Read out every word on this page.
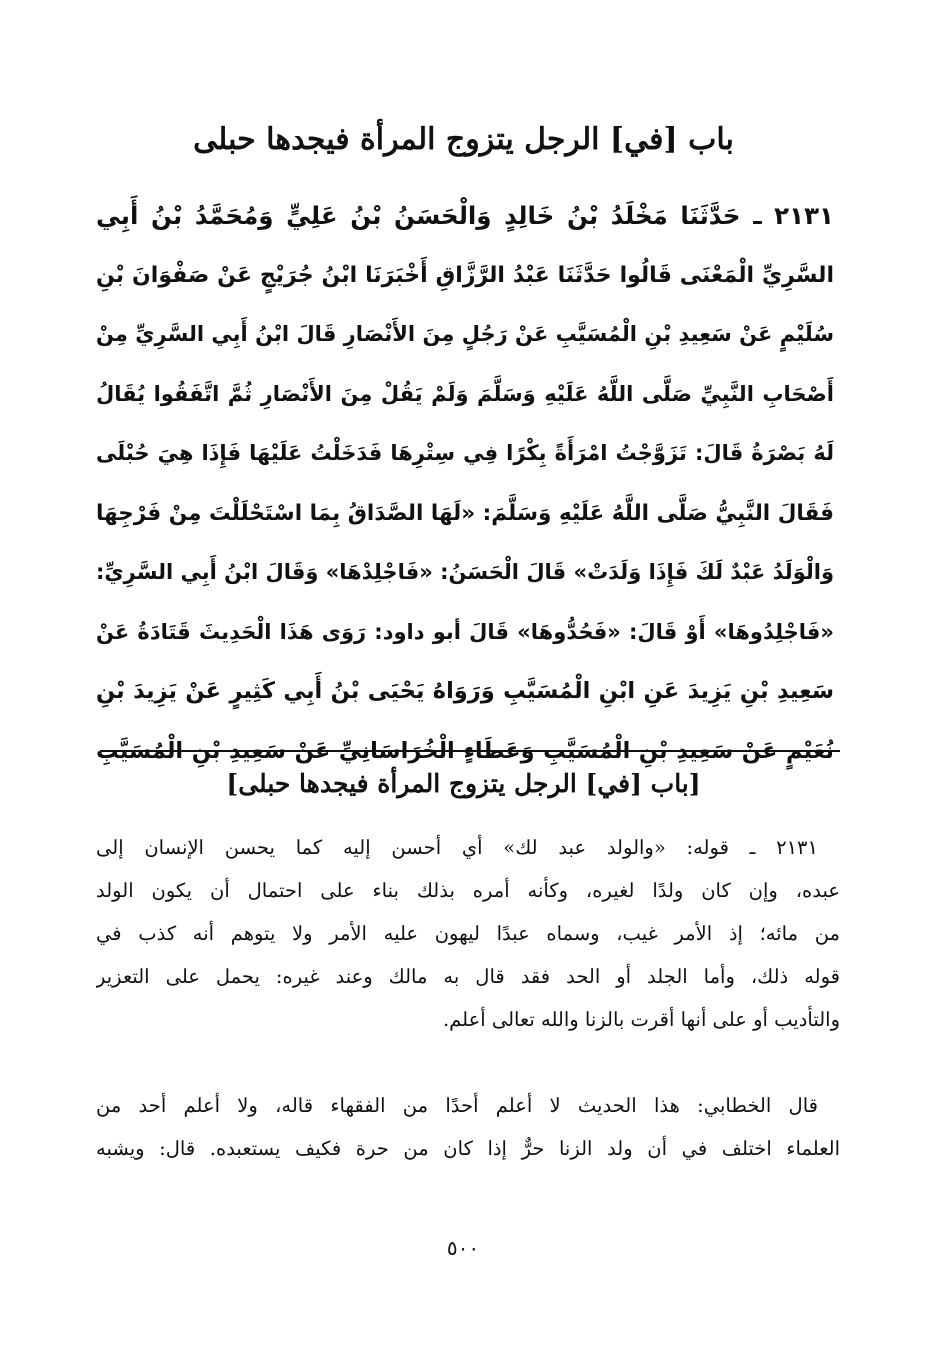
باب [في] الرجل يتزوج المرأة فيجدها حبلى
٢١٣١ ـ حَدَّثَنَا مَخْلَدُ بْنُ خَالِدٍ وَالْحَسَنُ بْنُ عَلِيٍّ وَمُحَمَّدُ بْنُ أَبِي
السَّرِيِّ الْمَعْنَى قَالُوا حَدَّثَنَا عَبْدُ الرَّزَّاقِ أَخْبَرَنَا ابْنُ جُرَيْجٍ عَنْ صَفْوَانَ بْنِ
سُلَيْمٍ عَنْ سَعِيدِ بْنِ الْمُسَيَّبِ عَنْ رَجُلٍ مِنَ الأَنْصَارِ قَالَ ابْنُ أَبِي السَّرِيِّ مِنْ
أَصْحَابِ النَّبِيِّ صَلَّى اللَّهُ عَلَيْهِ وَسَلَّمَ وَلَمْ يَقُلْ مِنَ الأَنْصَارِ ثُمَّ اتَّفَقُوا يُقَالُ
لَهُ بَصْرَةُ قَالَ: تَزَوَّجْتُ امْرَأَةً بِكْرًا فِي سِتْرِهَا فَدَخَلْتُ عَلَيْهَا فَإِذَا هِيَ حُبْلَى
فَقَالَ النَّبِيُّ صَلَّى اللَّهُ عَلَيْهِ وَسَلَّمَ: «لَهَا الصَّدَاقُ بِمَا اسْتَحْلَلْتَ مِنْ فَرْجِهَا
وَالْوَلَدُ عَبْدٌ لَكَ فَإِذَا وَلَدَتْ» قَالَ الْحَسَنُ: «فَاجْلِدْهَا» وَقَالَ ابْنُ أَبِي السَّرِيِّ:
«فَاجْلِدُوهَا» أَوْ قَالَ: «فَحُدُّوهَا» قَالَ أبو داود: رَوَى هَذَا الْحَدِيثَ قَتَادَةُ عَنْ
سَعِيدِ بْنِ يَزِيدَ عَنِ ابْنِ الْمُسَيَّبِ وَرَوَاهُ يَحْيَى بْنُ أَبِي كَثِيرٍ عَنْ يَزِيدَ بْنِ
نُعَيْمٍ عَنْ سَعِيدِ بْنِ الْمُسَيَّبِ وَعَطَاءٍ الْخُرَاسَانِيِّ عَنْ سَعِيدِ بْنِ الْمُسَيَّبِ
[باب [في] الرجل يتزوج المرأة فيجدها حبلى]
٢١٣١ ـ قوله: «والولد عبد لك» أي أحسن إليه كما يحسن الإنسان إلى
عبده، وإن كان ولدًا لغيره، وكأنه أمره بذلك بناء على احتمال أن يكون الولد
من مائه؛ إذ الأمر غيب، وسماه عبدًا ليهون عليه الأمر ولا يتوهم أنه كذب في
قوله ذلك، وأما الجلد أو الحد فقد قال به مالك وعند غيره: يحمل على التعزير
والتأديب أو على أنها أقرت بالزنا والله تعالى أعلم.
قال الخطابي: هذا الحديث لا أعلم أحدًا من الفقهاء قاله، ولا أعلم أحد من
العلماء اختلف في أن ولد الزنا حرٌّ إذا كان من حرة فكيف يستعبده. قال: ويشبه
٥٠٠
